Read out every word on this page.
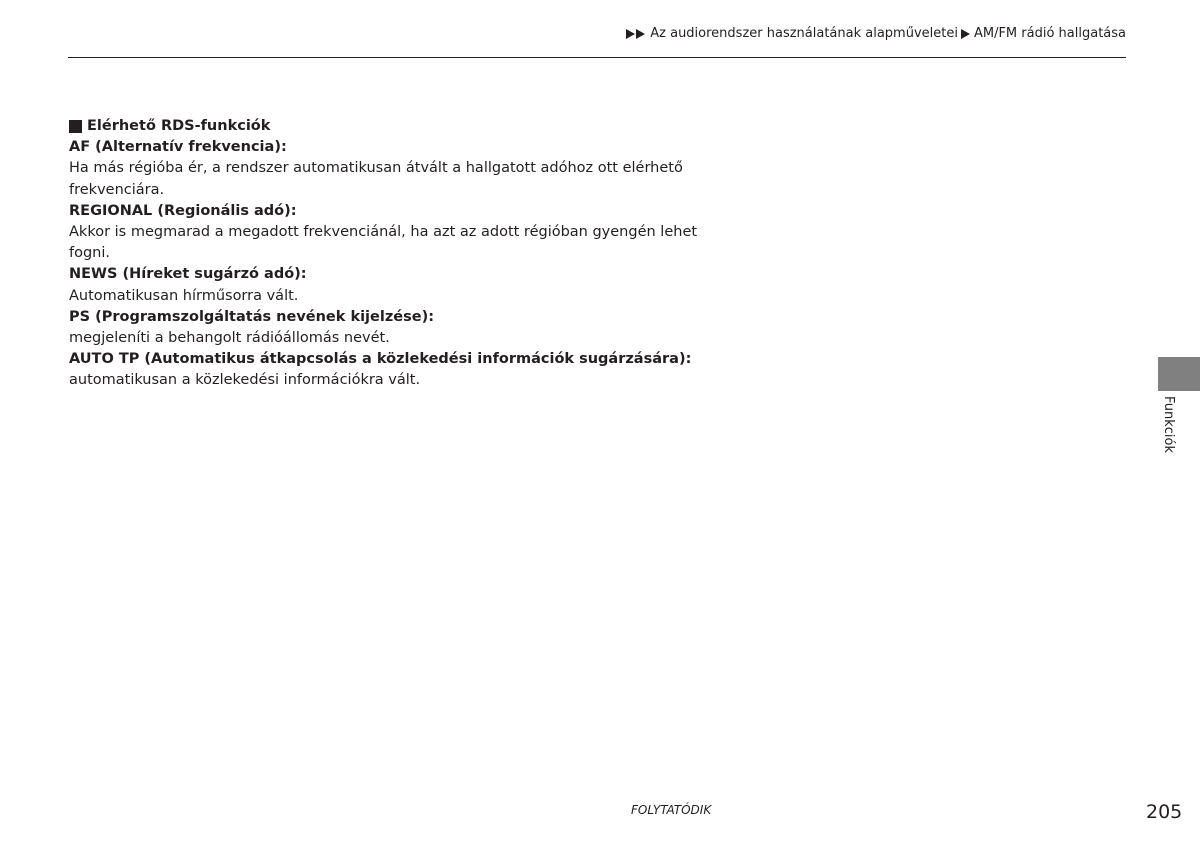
Az audiorendszer használatának alapműveletei AM/FM rádió hallgatása
Elérhető RDS-funkciók
AF (Alternatív frekvencia):
Ha más régióba ér, a rendszer automatikusan átvált a hallgatott adóhoz ott elérhető frekvenciára.
REGIONAL (Regionális adó):
Akkor is megmarad a megadott frekvenciánál, ha azt az adott régióban gyengén lehet fogni.
NEWS (Híreket sugárzó adó):
Automatikusan hírműsorra vált.
PS (Programszolgáltatás nevének kijelzése):
megjeleníti a behangolt rádióállomás nevét.
AUTO TP (Automatikus átkapcsolás a közlekedési információk sugárzására):
automatikusan a közlekedési információkra vált.
Funkciók
FOLYTATÓDIK	205
